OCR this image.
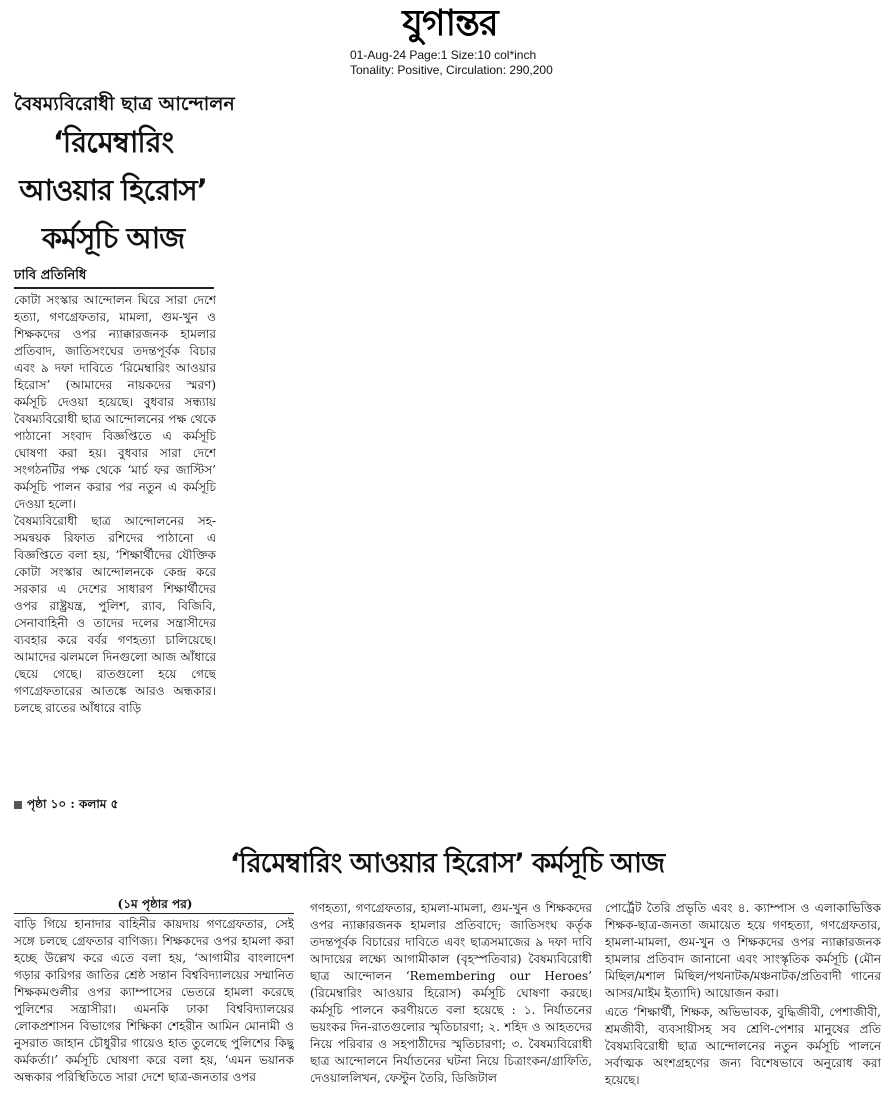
যুগান্তর
01-Aug-24 Page:1 Size:10 col*inch
Tonality: Positive, Circulation: 290,200
বৈষম্যবিরোধী ছাত্র আন্দোলন
‘রিমেম্বারিং আওয়ার হিরোস’ কর্মসূচি আজ
ঢাবি প্রতিনিধি

কোটা সংস্কার আন্দোলন ঘিরে সারা দেশে হত্যা, গণগ্রেফতার, মামলা, গুম-খুন ও শিক্ষকদের ওপর ন্যাক্কারজনক হামলার প্রতিবাদ, জাতিসংঘের তদন্তপূর্বক বিচার এবং ৯ দফা দাবিতে ‘রিমেম্বারিং আওয়ার হিরোস’ (আমাদের নায়কদের স্মরণ) কর্মসূচি দেওয়া হয়েছে। বুধবার সন্ধ্যায় বৈষম্যবিরোধী ছাত্র আন্দোলনের পক্ষ থেকে পাঠানো সংবাদ বিজ্ঞপ্তিতে এ কর্মসূচি ঘোষণা করা হয়। বুধবার সারা দেশে সংগঠনটির পক্ষ থেকে ‘মার্চ ফর জাস্টিস’ কর্মসূচি পালন করার পর নতুন এ কর্মসূচি দেওয়া হলো।

বৈষম্যবিরোধী ছাত্র আন্দোলনের সহ-সমন্বয়ক রিফাত রশিদের পাঠানো এ বিজ্ঞপ্তিতে বলা হয়, ‘শিক্ষার্থীদের যৌক্তিক কোটা সংস্কার আন্দোলনকে কেন্দ্র করে সরকার এ দেশের সাধারণ শিক্ষার্থীদের ওপর রাষ্ট্রযন্ত্র, পুলিশ, র‌্যাব, বিজিবি, সেনাবাহিনী ও তাদের দলের সন্ত্রাসীদের ব্যবহার করে বর্বর গণহত্যা চালিয়েছে। আমাদের ঝলমলে দিনগুলো আজ আঁধারে ছেয়ে গেছে। রাতগুলো হয়ে গেছে গণগ্রেফতারের আতঙ্কে আরও অন্ধকার। চলছে রাতের আঁধারে বাড়ি

পৃষ্ঠা ১০ : কলাম ৫
‘রিমেম্বারিং আওয়ার হিরোস’ কর্মসূচি আজ
(১ম পৃষ্ঠার পর)

বাড়ি গিয়ে হানাদার বাহিনীর কায়দায় গণগ্রেফতার, সেই সঙ্গে চলছে গ্রেফতার বাণিজ্য। শিক্ষকদের ওপর হামলা করা হচ্ছে উল্লেখ করে এতে বলা হয়, ‘আগামীর বাংলাদেশ গড়ার কারিগর জাতির শ্রেষ্ঠ সন্তান বিশ্ববিদ্যালয়ের সম্মানিত শিক্ষকমণ্ডলীর ওপর ক্যাম্পাসের ভেতরে হামলা করেছে পুলিশের সন্ত্রাসীরা। এমনকি ঢাকা বিশ্ববিদ্যালয়ের লোকপ্রশাসন বিভাগের শিক্ষিকা শেহরীন আমিন মোনামী ও নুসরাত জাহান চৌধুরীর গায়েও হাত তুলেছে পুলিশের কিছু কর্মকর্তা।’ কর্মসূচি ঘোষণা করে বলা হয়, ‘এমন ভয়ানক অন্ধকার পরিস্থিতিতে সারা দেশে ছাত্র-জনতার ওপর

গণহত্যা, গণগ্রেফতার, হামলা-মামলা, গুম-খুন ও শিক্ষকদের ওপর ন্যাক্কারজনক হামলার প্রতিবাদে; জাতিসংঘ কর্তৃক তদন্তপূর্বক বিচারের দাবিতে এবং ছাত্রসমাজের ৯ দফা দাবি আদায়ের লক্ষ্যে আগামীকাল (বৃহস্পতিবার) বৈষম্যবিরোধী ছাত্র আন্দোলন ‘Remembering our Heroes’ (রিমেম্বারিং আওয়ার হিরোস) কর্মসূচি ঘোষণা করছে। কর্মসূচি পালনে করণীয়তে বলা হয়েছে : ১. নির্যাতনের ভয়ংকর দিন-রাতগুলোর স্মৃতিচারণা; ২. শহিদ ও আহতদের নিয়ে পরিবার ও সহপাঠীদের স্মৃতিচারণা; ৩. বৈষম্যবিরোধী ছাত্র আন্দোলনে নির্যাতনের ঘটনা নিয়ে চিত্রাংকন/গ্রাফিতি, দেওয়াললিখন, ফেস্টুন তৈরি, ডিজিটাল

পোর্ট্রেট তৈরি প্রভৃতি এবং ৪. ক্যাম্পাস ও এলাকাভিত্তিক শিক্ষক-ছাত্র-জনতা জমায়েত হয়ে গণহত্যা, গণগ্রেফতার, হামলা-মামলা, গুম-খুন ও শিক্ষকদের ওপর ন্যাক্কারজনক হামলার প্রতিবাদ জানানো এবং সাংস্কৃতিক কর্মসূচি (মৌন মিছিল/মশাল মিছিল/পথনাটক/মঞ্চনাটক/প্রতিবাদী গানের আসর/মাইম ইত্যাদি) আয়োজন করা।

এতে ‘শিক্ষার্থী, শিক্ষক, অভিভাবক, বুদ্ধিজীবী, পেশাজীবী, শ্রমজীবী, ব্যবসায়ীসহ সব শ্রেণি-পেশার মানুষের প্রতি বৈষম্যবিরোধী ছাত্র আন্দোলনের নতুন কর্মসূচি পালনে সর্বাত্মক অংশগ্রহণের জন্য বিশেষভাবে অনুরোধ করা হয়েছে।
